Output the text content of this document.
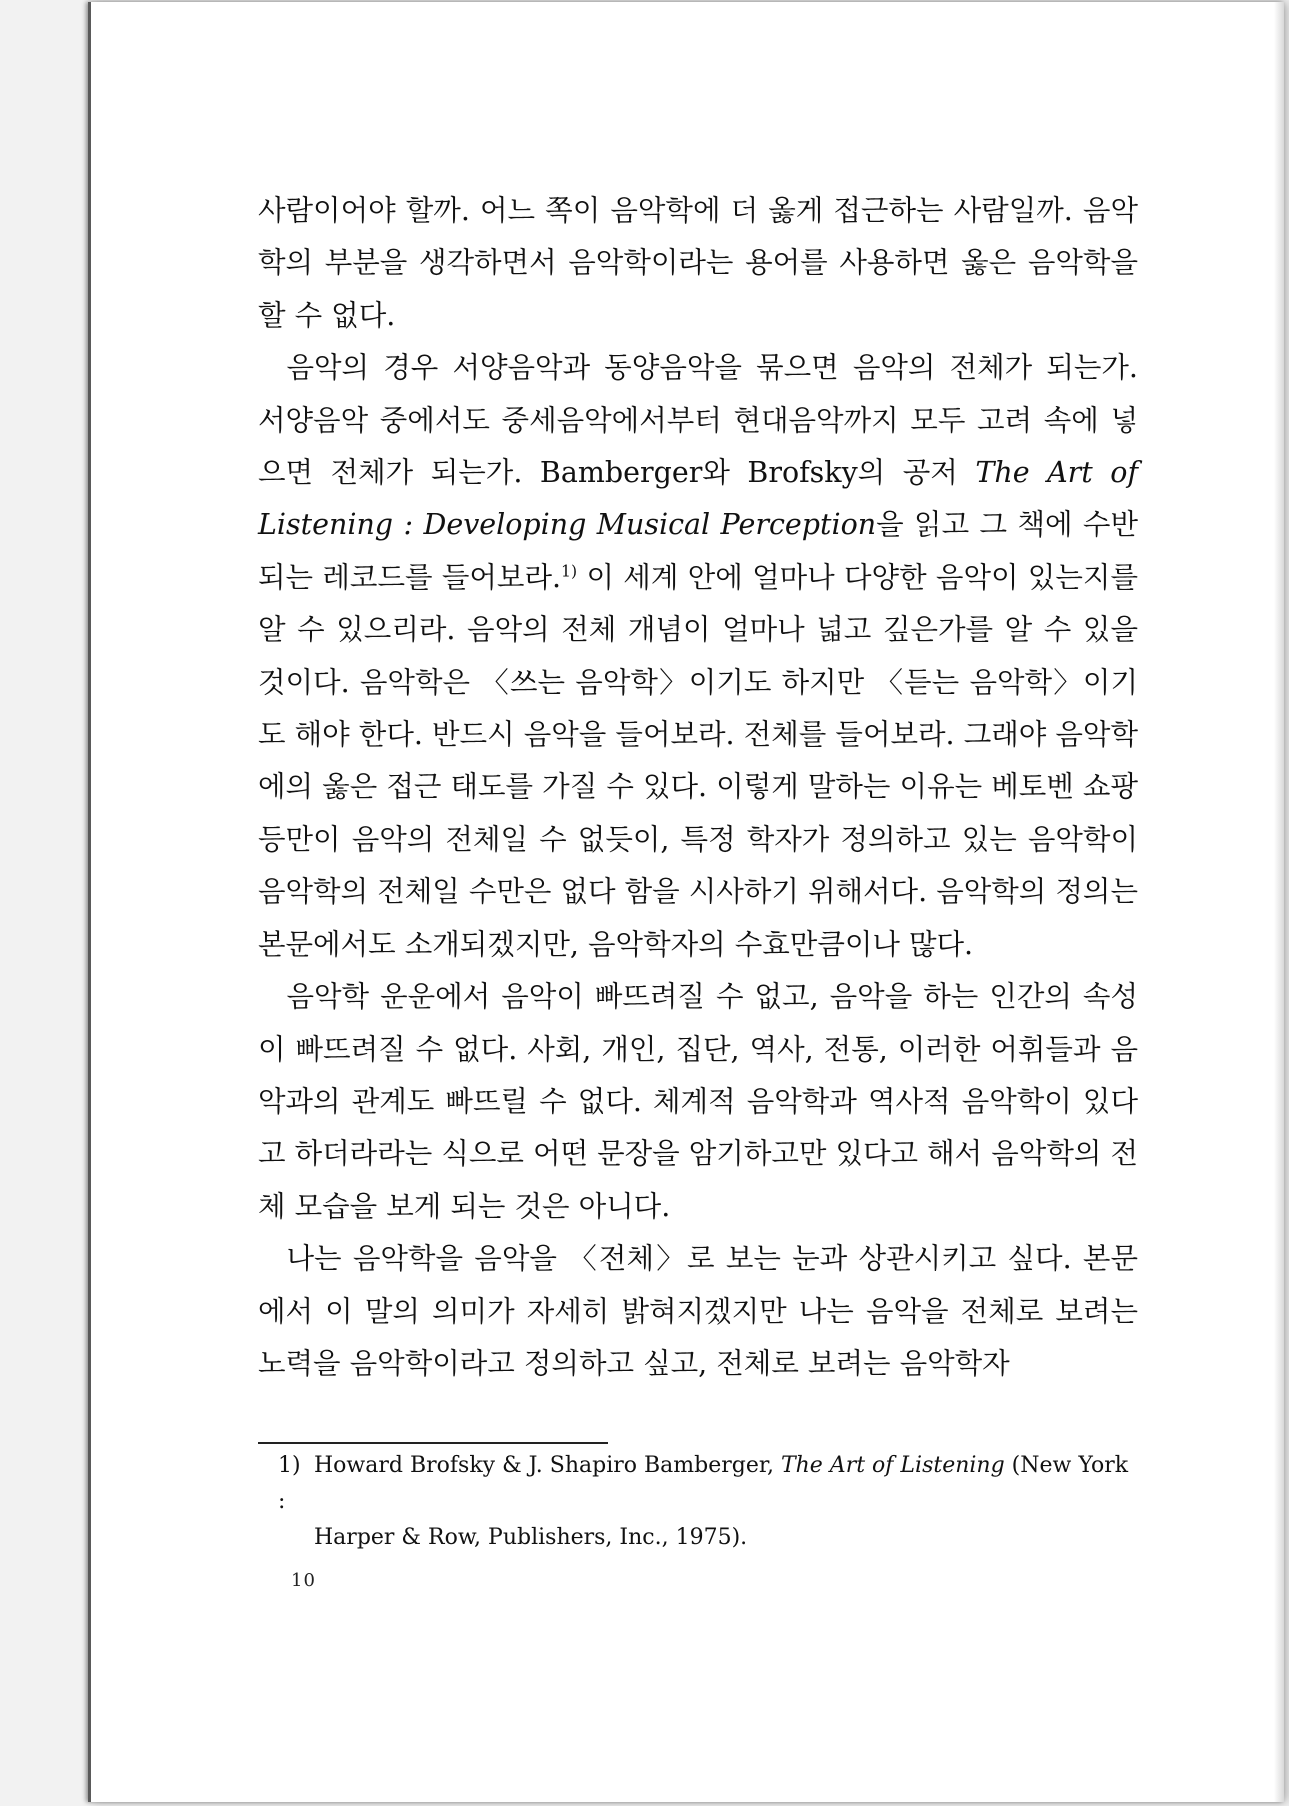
사람이어야 할까. 어느 쪽이 음악학에 더 옳게 접근하는 사람일까. 음악학의 부분을 생각하면서 음악학이라는 용어를 사용하면 옳은 음악학을 할 수 없다.

음악의 경우 서양음악과 동양음악을 묶으면 음악의 전체가 되는가. 서양음악 중에서도 중세음악에서부터 현대음악까지 모두 고려 속에 넣으면 전체가 되는가. Bamberger와 Brofsky의 공저 The Art of Listening : Developing Musical Perception을 읽고 그 책에 수반되는 레코드를 들어보라.$^{1)}$ 이 세계 안에 얼마나 다양한 음악이 있는지를 알 수 있으리라. 음악의 전체 개념이 얼마나 넓고 깊은가를 알 수 있을 것이다. 음악학은 〈쓰는 음악학〉이기도 하지만 〈듣는 음악학〉이기도 해야 한다. 반드시 음악을 들어보라. 전체를 들어보라. 그래야 음악학에의 옳은 접근 태도를 가질 수 있다. 이렇게 말하는 이유는 베토벤 쇼팡 등만이 음악의 전체일 수 없듯이, 특정 학자가 정의하고 있는 음악학이 음악학의 전체일 수만은 없다 함을 시사하기 위해서다. 음악학의 정의는 본문에서도 소개되겠지만, 음악학자의 수효만큼이나 많다.

음악학 운운에서 음악이 빠뜨려질 수 없고, 음악을 하는 인간의 속성이 빠뜨려질 수 없다. 사회, 개인, 집단, 역사, 전통, 이러한 어휘들과 음악과의 관계도 빠뜨릴 수 없다. 체계적 음악학과 역사적 음악학이 있다고 하더라라는 식으로 어떤 문장을 암기하고만 있다고 해서 음악학의 전체 모습을 보게 되는 것은 아니다.

나는 음악학을 음악을 〈전체〉로 보는 눈과 상관시키고 싶다. 본문에서 이 말의 의미가 자세히 밝혀지겠지만 나는 음악을 전체로 보려는 노력을 음악학이라고 정의하고 싶고, 전체로 보려는 음악학자

1) Howard Brofsky & J. Shapiro Bamberger, The Art of Listening (New York :
Harper & Row, Publishers, Inc., 1975).
10
